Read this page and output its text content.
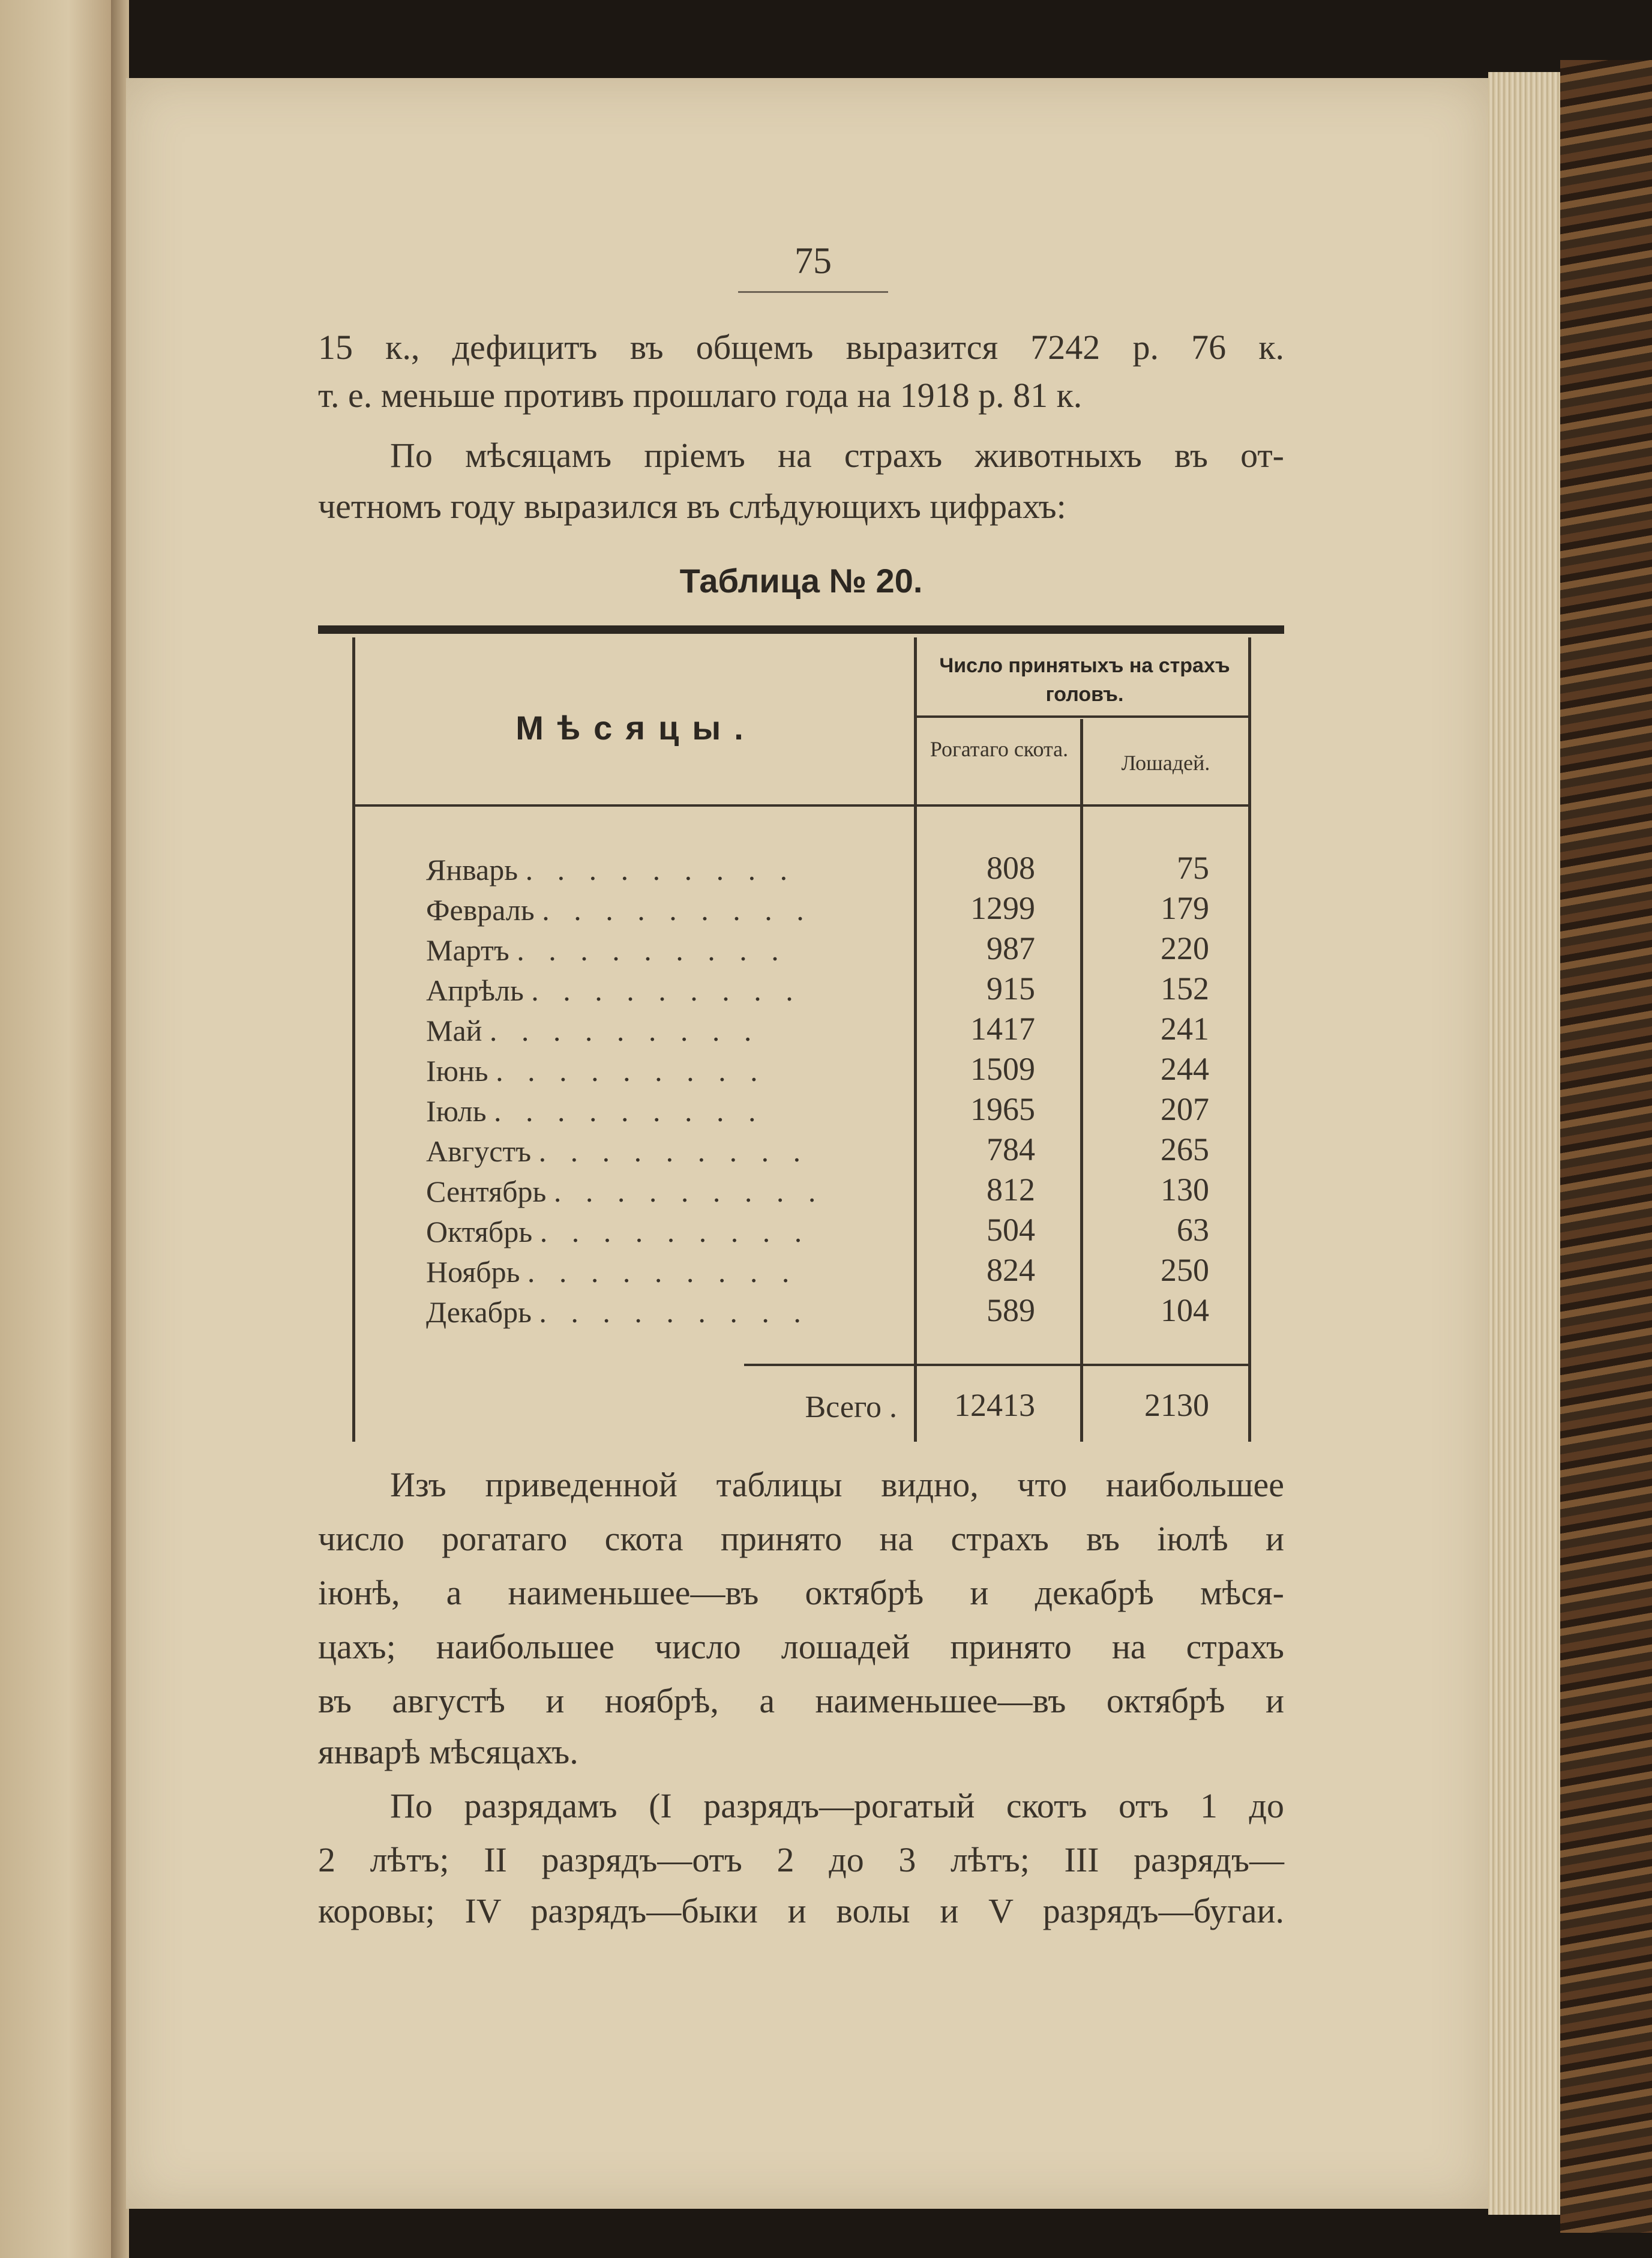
75
15 к., дефицитъ въ общемъ выразится 7242 р. 76 к.
т. е. меньше противъ прошлаго года на 1918 р. 81 к.
По мѣсяцамъ пріемъ на страхъ животныхъ въ от-
четномъ году выразился въ слѣдующихъ цифрахъ:
Таблица № 20.
Мѣсяцы.
Число принятыхъ на страхъ головъ.
Рогатаго скота.
Лошадей.
Январь . . . . . . . . .	808	75
Февраль . . . . . . . . .	1299	179
Мартъ . . . . . . . . .	987	220
Апрѣль . . . . . . . . .	915	152
Май . . . . . . . . .	1417	241
Іюнь . . . . . . . . .	1509	244
Іюль . . . . . . . . .	1965	207
Августъ . . . . . . . . .	784	265
Сентябрь . . . . . . . . .	812	130
Октябрь . . . . . . . . .	504	63
Ноябрь . . . . . . . . .	824	250
Декабрь . . . . . . . . .	589	104
Всего .	12413	2130
Изъ приведенной таблицы видно, что наибольшее
число рогатаго скота принято на страхъ въ іюлѣ и
іюнѣ, а наименьшее—въ октябрѣ и декабрѣ мѣся-
цахъ; наибольшее число лошадей принято на страхъ
въ августѣ и ноябрѣ, а наименьшее—въ октябрѣ и
январѣ мѣсяцахъ.
По разрядамъ (I разрядъ—рогатый скотъ отъ 1 до
2 лѣтъ; II разрядъ—отъ 2 до 3 лѣтъ; III разрядъ—
коровы; IV разрядъ—быки и волы и V разрядъ—бугаи.
